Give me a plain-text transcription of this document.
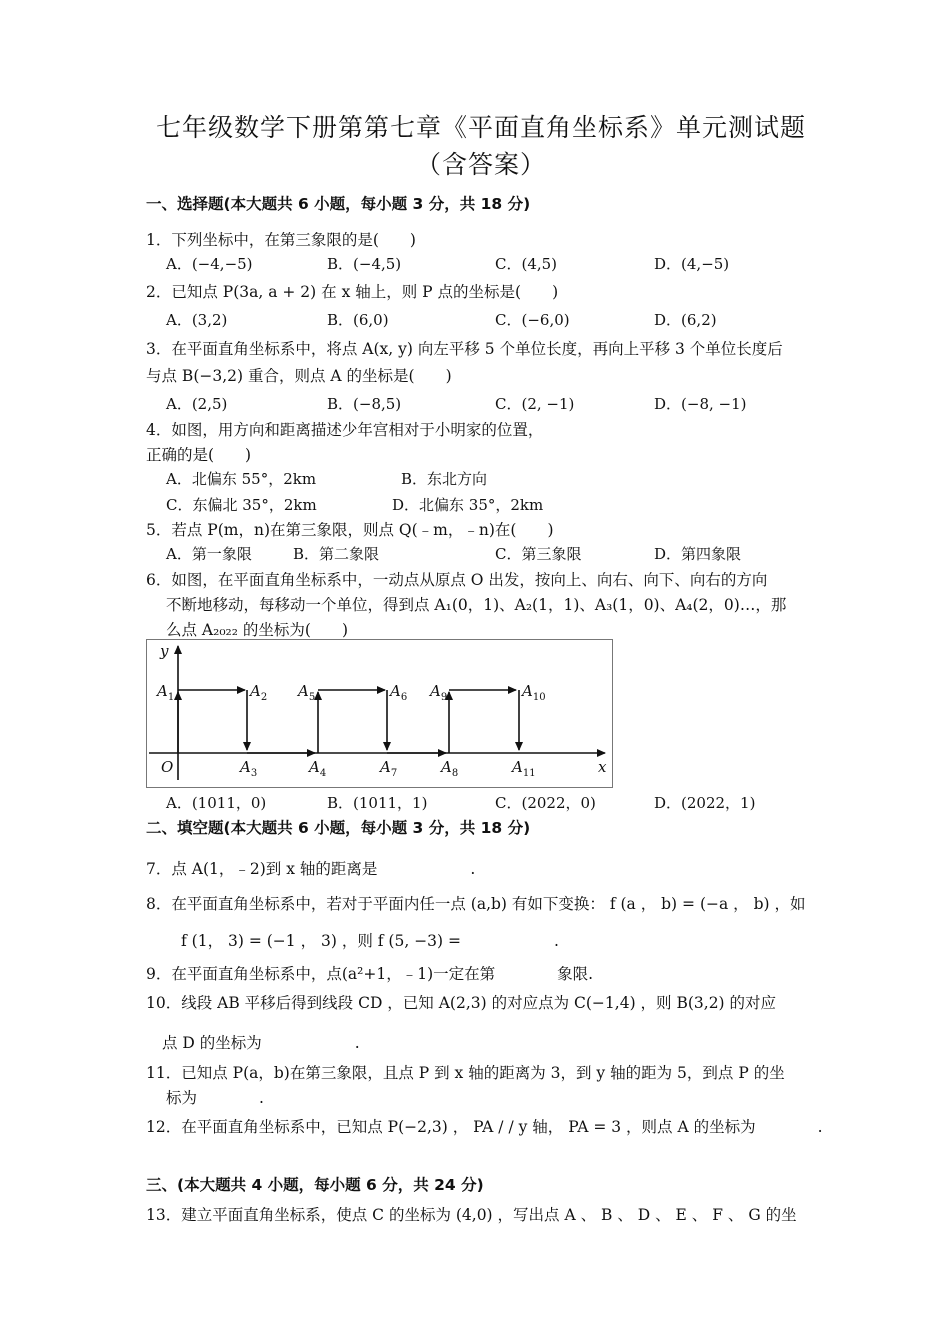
七年级数学下册第第七章《平面直角坐标系》单元测试题
（含答案）
一、选择题(本大题共 6 小题，每小题 3 分，共 18 分)
1．下列坐标中，在第三象限的是(　　)
A．(−4,−5)	B．(−4,5)	C．(4,5)	D．(4,−5)
2．已知点 P(3a, a + 2) 在 x 轴上，则 P 点的坐标是(　　)
A．(3,2)	B．(6,0)	C．(−6,0)	D．(6,2)
3．在平面直角坐标系中，将点 A(x, y) 向左平移 5 个单位长度，再向上平移 3 个单位长度后
与点 B(−3,2) 重合，则点 A 的坐标是(　　)
A．(2,5)	B．(−8,5)	C．(2, −1)	D．(−8, −1)
4．如图，用方向和距离描述少年宫相对于小明家的位置，
正确的是(　　)
A．北偏东 55°，2km	B．东北方向
C．东偏北 35°，2km	D．北偏东 35°，2km
5．若点 P(m，n)在第三象限，则点 Q(﹣m，﹣n)在(　　)
A．第一象限	B．第二象限	C．第三象限	D．第四象限
6．如图，在平面直角坐标系中，一动点从原点 O 出发，按向上、向右、向下、向右的方向
不断地移动，每移动一个单位，得到点 A₁(0，1)、A₂(1，1)、A₃(1，0)、A₄(2，0)…，那
么点 A₂₀₂₂ 的坐标为(　　)
y
x
O
$A_1$	$A_2$ $A_5$	$A_6$ $A_9$	$A_{10}$
$A_3$	$A_4$	$A_7$	$A_8$	$A_{11}$
A．(1011，0)	B．(1011，1)	C．(2022，0)	D．(2022，1)
二、填空题(本大题共 6 小题，每小题 3 分，共 18 分)
7．点 A(1，﹣2)到 x 轴的距离是　　　　　　.
8．在平面直角坐标系中，若对于平面内任一点 (a,b) 有如下变换： f (a ， b) = (−a ， b) ，如
f (1， 3) = (−1 ， 3) ，则 f (5, −3) =　　　　　　.
9．在平面直角坐标系中，点(a²+1，﹣1)一定在第　　　　象限.
10．线段 AB 平移后得到线段 CD ，已知 A(2,3) 的对应点为 C(−1,4) ，则 B(3,2) 的对应
点 D 的坐标为　　　　　　.
11．已知点 P(a，b)在第三象限，且点 P 到 x 轴的距离为 3，到 y 轴的距为 5，到点 P 的坐
标为　　　　.
12．在平面直角坐标系中，已知点 P(−2,3) ， PA / / y 轴， PA = 3 ，则点 A 的坐标为　　　　.
三、(本大题共 4 小题，每小题 6 分，共 24 分)
13．建立平面直角坐标系，使点 C 的坐标为 (4,0) ，写出点 A 、 B 、 D 、 E 、 F 、 G 的坐
